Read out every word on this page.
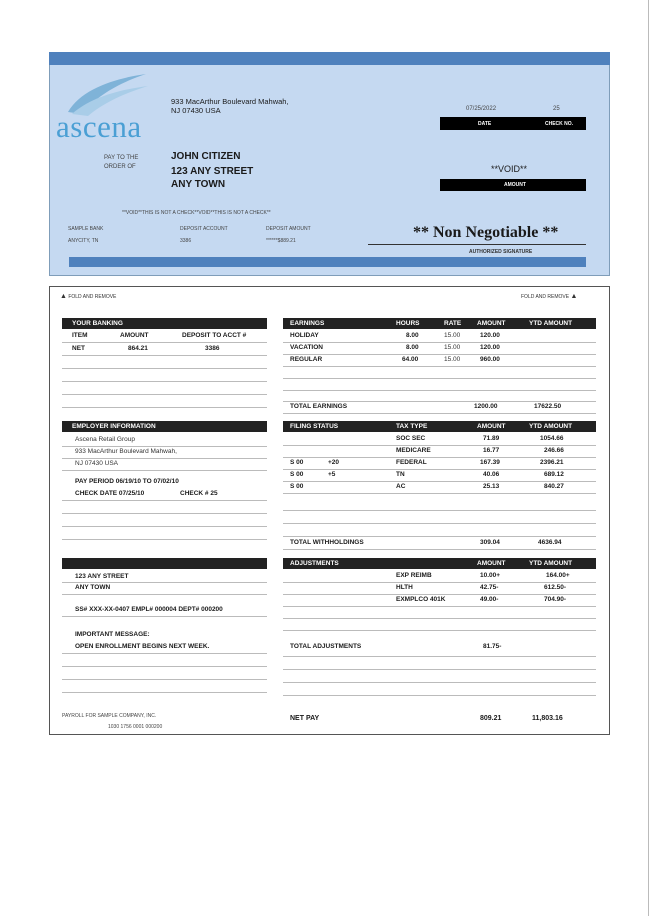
ascena
933 MacArthur Boulevard Mahwah,
NJ 07430 USA	07/25/2022	25
DATE	CHECK NO.
PAY TO THE
ORDER OF
JOHN CITIZEN
123 ANY STREET
ANY TOWN
**VOID**
AMOUNT
**VOID**THIS IS NOT A CHECK**VOID**THIS IS NOT A CHECK**
SAMPLE BANK
ANYCITY, TN
DEPOSIT ACCOUNT
3386
DEPOSIT AMOUNT
******$889.21	** Non Negotiable **
AUTHORIZED SIGNATURE
▲ FOLD AND REMOVE	FOLD AND REMOVE ▲
YOUR BANKING
ITEM	AMOUNT	DEPOSIT TO ACCT #
NET	864.21	3386
EMPLOYER INFORMATION
Ascena Retail Group
933 MacArthur Boulevard Mahwah,
NJ 07430 USA
PAY PERIOD 06/19/10 TO 07/02/10
CHECK DATE 07/25/10	CHECK # 25
123 ANY STREET
ANY TOWN
SS# XXX-XX-0407 EMPL# 000004 DEPT# 000200
IMPORTANT MESSAGE:
OPEN ENROLLMENT BEGINS NEXT WEEK.
PAYROLL FOR SAMPLE COMPANY, INC.
1030 1756 0001 000200
EARNINGS	HOURS	RATE AMOUNT	YTD AMOUNT
HOLIDAY	8.00	15.00	120.00
VACATION	8.00	15.00	120.00
REGULAR	64.00	15.00	960.00
TOTAL EARNINGS	1200.00	17622.50
FILING STATUS	TAX TYPE	AMOUNT	YTD AMOUNT
SOC SEC	71.89	1054.66
MEDICARE	16.77	246.66
S 00	+20	FEDERAL	167.39	2396.21
S 00	+5	TN	40.06	689.12
S 00	AC	25.13	840.27
TOTAL WITHHOLDINGS	309.04	4636.94
ADJUSTMENTS	AMOUNT	YTD AMOUNT
EXP REIMB	10.00+	164.00+
HLTH	42.75-	612.50-
EXMPLCO 401K	49.00-	704.90-
TOTAL ADJUSTMENTS	81.75-
NET PAY	809.21	11,803.16
